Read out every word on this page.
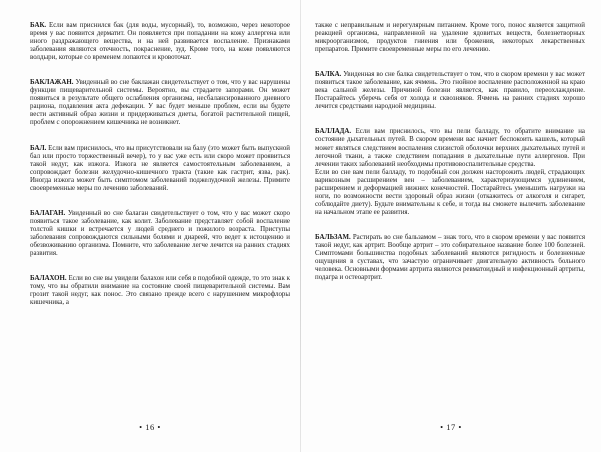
БАК. Если вам приснился бак (для воды, мусорный), то, возможно, через некоторое время у вас появится дерматит. Он появляется при попадании на кожу аллергена или иного раздражающего вещества, и на ней развивается воспаление. Признаками заболевания являются отечность, покраснение, зуд. Кроме того, на коже появляются волдыри, которые со временем лопаются и кровоточат.

БАКЛАЖАН. Увиденный во сне баклажан свидетельствует о том, что у вас нарушены функции пищеварительной системы. Вероятно, вы страдаете запорами. Он может появиться в результате общего ослабления организма, несбалансированного дневного рациона, подавления акта дефекации. У вас будет меньше проблем, если вы будете вести активный образ жизни и придерживаться диеты, богатой растительной пищей, проблем с опорожнением кишечника не возникнет.

БАЛ. Если вам приснилось, что вы присутствовали на балу (это может быть выпускной бал или просто торжественный вечер), то у вас уже есть или скоро может проявиться такой недуг, как изжога. Изжога не является самостоятельным заболеванием, а сопровождает болезни желудочно-кишечного тракта (такие как гастрит, язва, рак). Иногда изжога может быть симптомом заболеваний поджелудочной железы. Примите своевременные меры по лечению заболеваний.

БАЛАГАН. Увиденный во сне балаган свидетельствует о том, что у вас может скоро появиться такое заболевание, как колит. Заболевание представляет собой воспаление толстой кишки и встречается у людей среднего и пожилого возраста. Приступы заболевания сопровождаются сильными болями и диареей, что ведет к истощению и обезвоживанию организма. Помните, что заболевание легче лечится на ранних стадиях развития.

БАЛАХОН. Если во сне вы увидели балахон или себя в подобной одежде, то это знак к тому, что вы обратили внимание на состояние своей пищеварительной системы. Вам грозит такой недуг, как понос. Это связано прежде всего с нарушением микрофлоры кишечника, а

• 16 •

также с неправильным и нерегулярным питанием. Кроме того, понос является защитной реакцией организма, направленной на удаление ядовитых веществ, болезнетворных микроорганизмов, продуктов гниения или брожения, некоторых лекарственных препаратов. Примите своевременные меры по его лечению.

БАЛКА. Увиденная во сне балка свидетельствует о том, что в скором времени у вас может появиться такое заболевание, как ячмень. Это гнойное воспаление расположенной на краю века сальной железы. Причиной болезни является, как правило, переохлаждение. Постарайтесь уберечь себя от холода и сквозняков. Ячмень на ранних стадиях хорошо лечится средствами народной медицины.

БАЛЛАДА. Если вам приснилось, что вы пели балладу, то обратите внимание на состояние дыхательных путей. В скором времени вас начнет беспокоить кашель, который может являться следствием воспаления слизистой оболочки верхних дыхательных путей и легочной ткани, а также следствием попадания в дыхательные пути аллергенов. При лечении таких заболеваний необходимы противовоспалительные средства.
Если во сне вам пели балладу, то подобный сон должен насторожить людей, страдающих варикозным расширением вен – заболеванием, характеризующимся удлинением, расширением и деформацией нижних конечностей. Постарайтесь уменьшить нагрузки на ноги, по возможности вести здоровый образ жизни (откажитесь от алкоголя и сигарет, соблюдайте диету). Будьте внимательны к себе, и тогда вы сможете вылечить заболевание на начальном этапе ее развития.

БАЛЬЗАМ. Растирать во сне бальзамом – знак того, что в скором времени у вас появится такой недуг, как артрит. Вообще артрит – это собирательное название более 100 болезней. Симптомами большинства подобных заболеваний являются ригидность и болезненные ощущения в суставах, что зачастую ограничивает двигательную активность больного человека. Основными формами артрита являются ревматоидный и инфекционный артриты, подагра и остеоартрит.

• 17 •
